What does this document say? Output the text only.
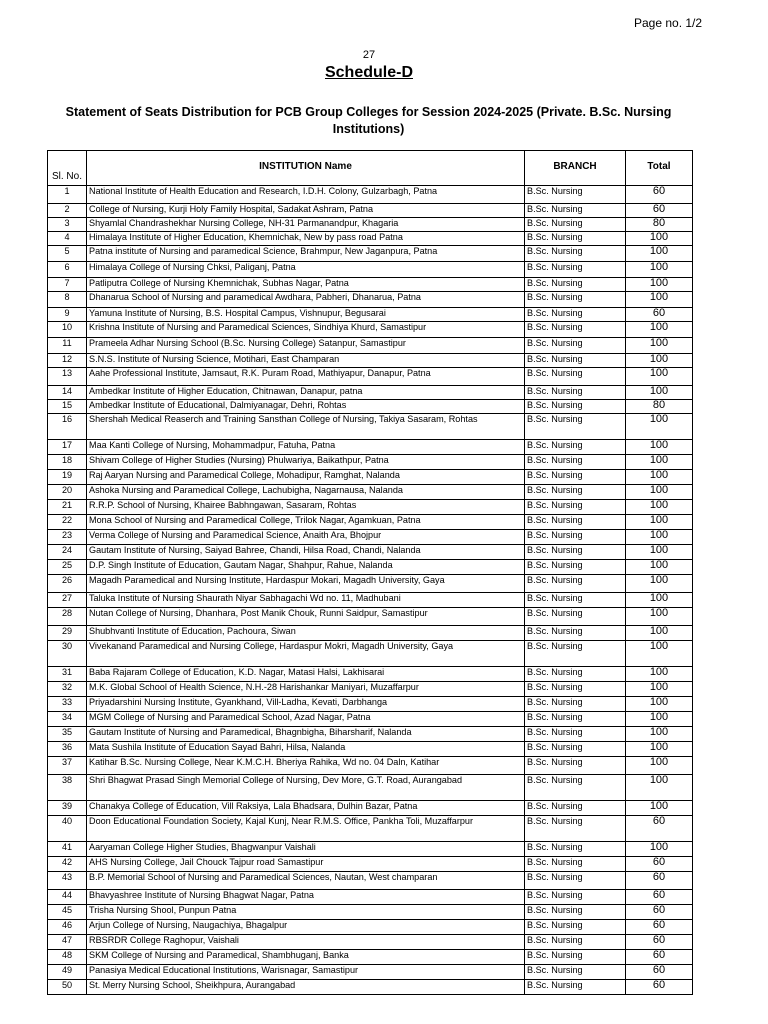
Page no. 1/2
27
Schedule-D
Statement of Seats Distribution for PCB Group Colleges for Session 2024-2025 (Private. B.Sc. Nursing Institutions)
Sl. No.	INSTITUTION Name	BRANCH	Total
1	National Institute of Health Education and Research, I.D.H. Colony, Gulzarbagh, Patna	B.Sc. Nursing	60
2	College of Nursing, Kurji Holy Family Hospital, Sadakat Ashram, Patna	B.Sc. Nursing	60
3	Shyamlal Chandrashekhar Nursing College, NH-31 Parmanandpur, Khagaria	B.Sc. Nursing	80
4	Himalaya Institute of Higher Education, Khemnichak, New by pass road Patna	B.Sc. Nursing	100
5	Patna institute of Nursing and paramedical Science, Brahmpur, New Jaganpura, Patna	B.Sc. Nursing	100
6	Himalaya College of Nursing Chksi, Paliganj, Patna	B.Sc. Nursing	100
7	Patliputra College of Nursing Khemnichak, Subhas Nagar, Patna	B.Sc. Nursing	100
8	Dhanarua School of Nursing and paramedical Awdhara, Pabheri, Dhanarua, Patna	B.Sc. Nursing	100
9	Yamuna Institute of Nursing, B.S. Hospital Campus, Vishnupur, Begusarai	B.Sc. Nursing	60
10	Krishna Institute of Nursing and Paramedical Sciences, Sindhiya Khurd, Samastipur	B.Sc. Nursing	100
11	Prameela Adhar Nursing School (B.Sc. Nursing College) Satanpur, Samastipur	B.Sc. Nursing	100
12	S.N.S. Institute of Nursing Science, Motihari, East Champaran	B.Sc. Nursing	100
13	Aahe Professional Institute, Jamsaut, R.K. Puram Road, Mathiyapur, Danapur, Patna	B.Sc. Nursing	100
14	Ambedkar Institute of Higher Education, Chitnawan, Danapur, patna	B.Sc. Nursing	100
15	Ambedkar Institute of Educational, Dalmiyanagar, Dehri, Rohtas	B.Sc. Nursing	80
16	Shershah Medical Reaserch and Training Sansthan College of Nursing, Takiya Sasaram, Rohtas	B.Sc. Nursing	100
17	Maa Kanti College of Nursing, Mohammadpur, Fatuha, Patna	B.Sc. Nursing	100
18	Shivam College of Higher Studies (Nursing) Phulwariya, Baikathpur, Patna	B.Sc. Nursing	100
19	Raj Aaryan Nursing and Paramedical College, Mohadipur, Ramghat, Nalanda	B.Sc. Nursing	100
20	Ashoka Nursing and Paramedical College, Lachubigha, Nagarnausa, Nalanda	B.Sc. Nursing	100
21	R.R.P. School of Nursing, Khairee Babhngawan, Sasaram, Rohtas	B.Sc. Nursing	100
22	Mona School of Nursing and Paramedical College, Trilok Nagar, Agamkuan, Patna	B.Sc. Nursing	100
23	Verma College of Nursing and Paramedical Science, Anaith Ara, Bhojpur	B.Sc. Nursing	100
24	Gautam Institute of Nursing, Saiyad Bahree, Chandi, Hilsa Road, Chandi, Nalanda	B.Sc. Nursing	100
25	D.P. Singh Institute of Education, Gautam Nagar, Shahpur, Rahue, Nalanda	B.Sc. Nursing	100
26	Magadh Paramedical and Nursing Institute, Hardaspur Mokari, Magadh University, Gaya	B.Sc. Nursing	100
27	Taluka Institute of Nursing Shaurath Niyar Sabhagachi Wd no. 11, Madhubani	B.Sc. Nursing	100
28	Nutan College of Nursing, Dhanhara, Post Manik Chouk, Runni Saidpur, Samastipur	B.Sc. Nursing	100
29	Shubhvanti Institute of Education, Pachoura, Siwan	B.Sc. Nursing	100
30	Vivekanand Paramedical and Nursing College, Hardaspur Mokri, Magadh University, Gaya	B.Sc. Nursing	100
31	Baba Rajaram College of Education, K.D. Nagar, Matasi Halsi, Lakhisarai	B.Sc. Nursing	100
32	M.K. Global School of Health Science, N.H.-28 Harishankar Maniyari, Muzaffarpur	B.Sc. Nursing	100
33	Priyadarshini Nursing Institute, Gyankhand, Vill-Ladha, Kevati, Darbhanga	B.Sc. Nursing	100
34	MGM College of Nursing and Paramedical School, Azad Nagar, Patna	B.Sc. Nursing	100
35	Gautam Institute of Nursing and Paramedical, Bhagnbigha, Biharsharif, Nalanda	B.Sc. Nursing	100
36	Mata Sushila Institute of Education Sayad Bahri, Hilsa, Nalanda	B.Sc. Nursing	100
37	Katihar B.Sc. Nursing College, Near K.M.C.H. Bheriya Rahika, Wd no. 04 Daln, Katihar	B.Sc. Nursing	100
38	Shri Bhagwat Prasad Singh Memorial College of Nursing, Dev More, G.T. Road, Aurangabad	B.Sc. Nursing	100
39	Chanakya College of Education, Vill Raksiya, Lala Bhadsara, Dulhin Bazar, Patna	B.Sc. Nursing	100
40	Doon Educational Foundation Society, Kajal Kunj, Near R.M.S. Office, Pankha Toli, Muzaffarpur	B.Sc. Nursing	60
41	Aaryaman College Higher Studies, Bhagwanpur Vaishali	B.Sc. Nursing	100
42	AHS Nursing College, Jail Chouck Tajpur road Samastipur	B.Sc. Nursing	60
43	B.P. Memorial School of Nursing and Paramedical Sciences, Nautan, West champaran	B.Sc. Nursing	60
44	Bhavyashree Institute of Nursing Bhagwat Nagar, Patna	B.Sc. Nursing	60
45	Trisha Nursing Shool, Punpun Patna	B.Sc. Nursing	60
46	Arjun College of Nursing, Naugachiya, Bhagalpur	B.Sc. Nursing	60
47	RBSRDR College Raghopur, Vaishali	B.Sc. Nursing	60
48	SKM College of Nursing and Paramedical, Shambhuganj, Banka	B.Sc. Nursing	60
49	Panasiya Medical Educational Institutions, Warisnagar, Samastipur	B.Sc. Nursing	60
50	St. Merry Nursing School, Sheikhpura, Aurangabad	B.Sc. Nursing	60
